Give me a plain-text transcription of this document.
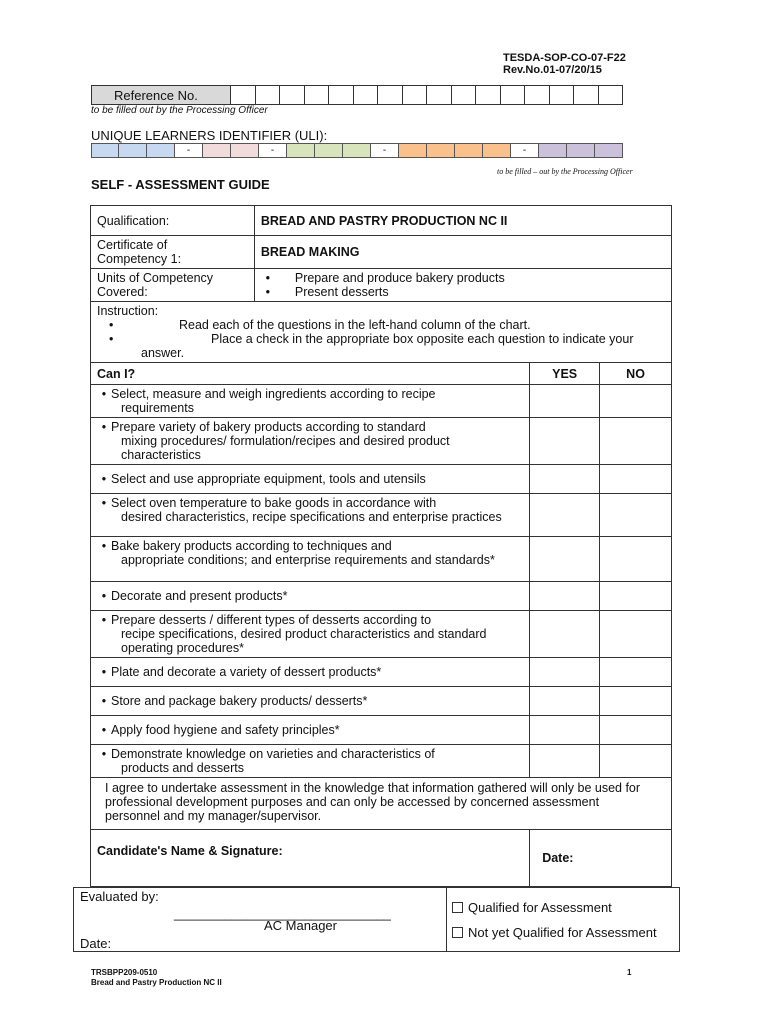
TESDA-SOP-CO-07-F22
Rev.No.01-07/20/15
Reference No.
to be filled out by the Processing Officer
UNIQUE LEARNERS IDENTIFIER (ULI):
-	-	-	-
to be filled – out by the Processing Officer
SELF - ASSESSMENT GUIDE
Qualification:	BREAD AND PASTRY PRODUCTION NC II		
Certificate of Competency 1:	BREAD MAKING		
Units of Competency Covered:	• Prepare and produce bakery products
• Present desserts		

Instruction:
• Read each of the questions in the left-hand column of the chart.
• Place a check in the appropriate box opposite each question to indicate your answer.			

Can I?		YES	NO

• Select, measure and weigh ingredients according to recipe
requirements			

• Prepare variety of bakery products according to standard
mixing procedures/ formulation/recipes and desired product characteristics			

• Select and use appropriate equipment, tools and utensils			

• Select oven temperature to bake goods in accordance with
desired characteristics, recipe specifications and enterprise practices			

• Bake bakery products according to techniques and
appropriate conditions; and enterprise requirements and standards*			

• Decorate and present products*			

• Prepare desserts / different types of desserts according to
recipe specifications, desired product characteristics and standard operating procedures*			

• Plate and decorate a variety of dessert products*			

• Store and package bakery products/ desserts*			

• Apply food hygiene and safety principles*			

• Demonstrate knowledge on varieties and characteristics of
products and desserts			

I agree to undertake assessment in the knowledge that information gathered will only be used for professional development purposes and can only be accessed by concerned assessment personnel and my manager/supervisor.			
Candidate's Name & Signature:		Date:	
Evaluated by:
______________________________
AC Manager
Date:
Qualified for Assessment
Not yet Qualified for Assessment
TRSBPP209-0510
Bread and Pastry Production NC II
1
